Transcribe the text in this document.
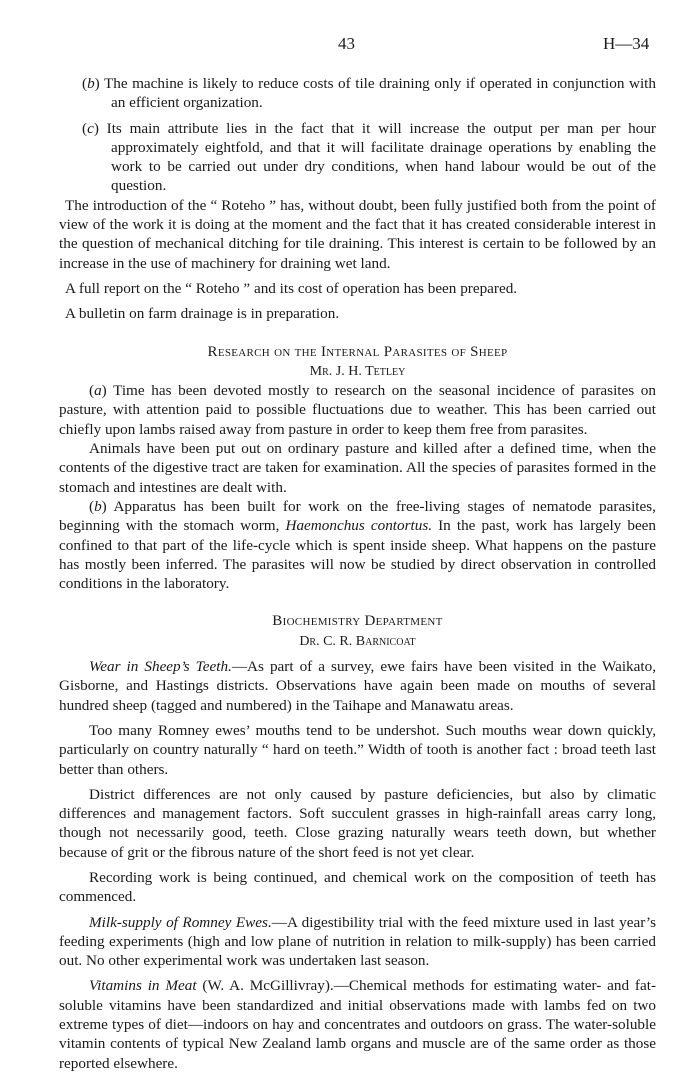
43	H—34

(b) The machine is likely to reduce costs of tile draining only if operated in conjunction with an efficient organization.

(c) Its main attribute lies in the fact that it will increase the output per man per hour approximately eightfold, and that it will facilitate drainage operations by enabling the work to be carried out under dry conditions, when hand labour would be out of the question.

The introduction of the “ Roteho ” has, without doubt, been fully justified both from the point of view of the work it is doing at the moment and the fact that it has created considerable interest in the question of mechanical ditching for tile draining. This interest is certain to be followed by an increase in the use of machinery for draining wet land.

A full report on the “ Roteho ” and its cost of operation has been prepared.

A bulletin on farm drainage is in preparation.

Research on the Internal Parasites of Sheep

Mr. J. H. Tetley

(a) Time has been devoted mostly to research on the seasonal incidence of parasites on pasture, with attention paid to possible fluctuations due to weather. This has been carried out chiefly upon lambs raised away from pasture in order to keep them free from parasites.

Animals have been put out on ordinary pasture and killed after a defined time, when the contents of the digestive tract are taken for examination. All the species of parasites formed in the stomach and intestines are dealt with.

(b) Apparatus has been built for work on the free-living stages of nematode parasites, beginning with the stomach worm, Haemonchus contortus. In the past, work has largely been confined to that part of the life-cycle which is spent inside sheep. What happens on the pasture has mostly been inferred. The parasites will now be studied by direct observation in controlled conditions in the laboratory.

Biochemistry Department

Dr. C. R. Barnicoat

Wear in Sheep’s Teeth.—As part of a survey, ewe fairs have been visited in the Waikato, Gisborne, and Hastings districts. Observations have again been made on mouths of several hundred sheep (tagged and numbered) in the Taihape and Manawatu areas.

Too many Romney ewes’ mouths tend to be undershot. Such mouths wear down quickly, particularly on country naturally “ hard on teeth.” Width of tooth is another fact : broad teeth last better than others.

District differences are not only caused by pasture deficiencies, but also by climatic differences and management factors. Soft succulent grasses in high-rainfall areas carry long, though not necessarily good, teeth. Close grazing naturally wears teeth down, but whether because of grit or the fibrous nature of the short feed is not yet clear.

Recording work is being continued, and chemical work on the composition of teeth has commenced.

Milk-supply of Romney Ewes.—A digestibility trial with the feed mixture used in last year’s feeding experiments (high and low plane of nutrition in relation to milk-supply) has been carried out. No other experimental work was undertaken last season.

Vitamins in Meat (W. A. McGillivray).—Chemical methods for estimating water- and fat-soluble vitamins have been standardized and initial observations made with lambs fed on two extreme types of diet—indoors on hay and concentrates and outdoors on grass. The water-soluble vitamin contents of typical New Zealand lamb organs and muscle are of the same order as those reported elsewhere.
